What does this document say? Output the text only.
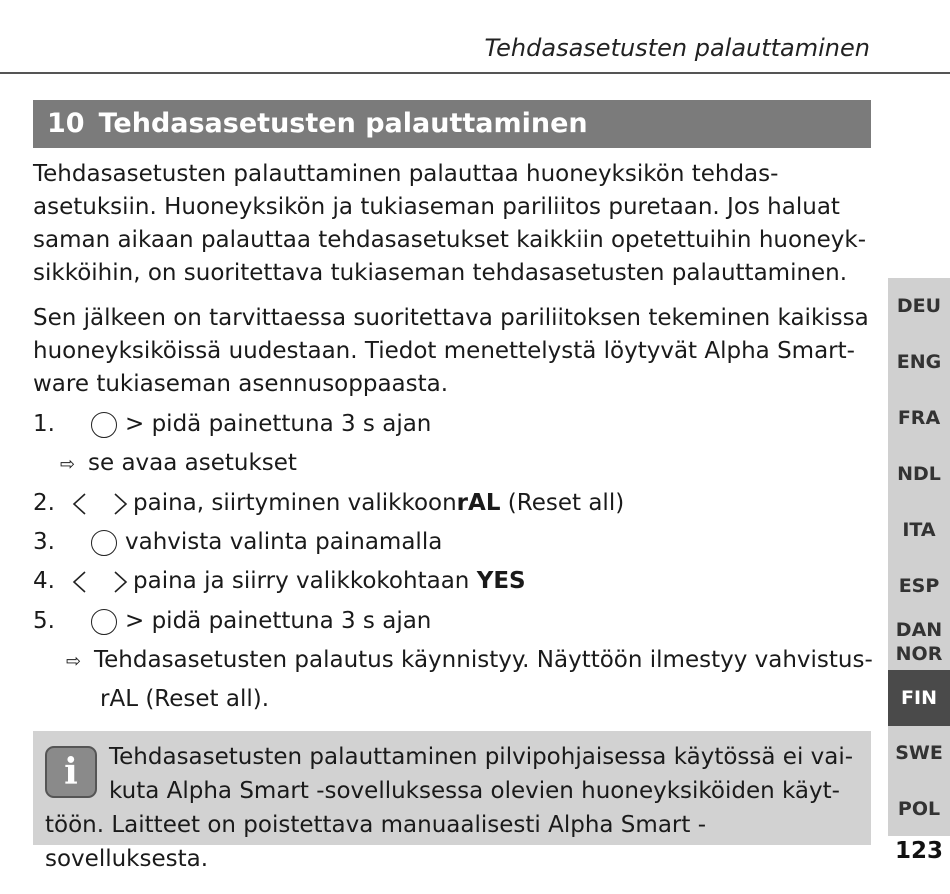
Tehdasasetusten palauttaminen
10 Tehdasasetusten palauttaminen

Tehdasasetusten palauttaminen palauttaa huoneyksikön tehdas-asetuksiin. Huoneyksikön ja tukiaseman pariliitos puretaan. Jos haluat saman aikaan palauttaa tehdasasetukset kaikkiin opetettuihin huoneyk-sikköihin, on suoritettava tukiaseman tehdasasetusten palauttaminen.

Sen jälkeen on tarvittaessa suoritettava pariliitoksen tekeminen kaikissa huoneyksiköissä uudestaan. Tiedot menettelystä löytyvät Alpha Smart-ware tukiaseman asennusoppaasta.

1.	> pidä painettuna 3 s ajan
⇨ se avaa asetukset
2.	paina, siirtyminen valikkoonrAL (Reset all)
3.	vahvista valinta painamalla
4.	paina ja siirry valikkokohtaan YES
5.	> pidä painettuna 3 s ajan
⇨ Tehdasasetusten palautus käynnistyy. Näyttöön ilmestyy vahvistus-
rAL (Reset all).
i	Tehdasasetusten palauttaminen pilvipohjaisessa käytössä ei vai-kuta Alpha Smart -sovelluksessa olevien huoneyksiköiden käyt-töön. Laitteet on poistettava manuaalisesti Alpha Smart -sovelluksesta.
DEU
ENG
FRA
NDL
ITA
ESP
DAN
NOR
FIN
SWE
POL
123
